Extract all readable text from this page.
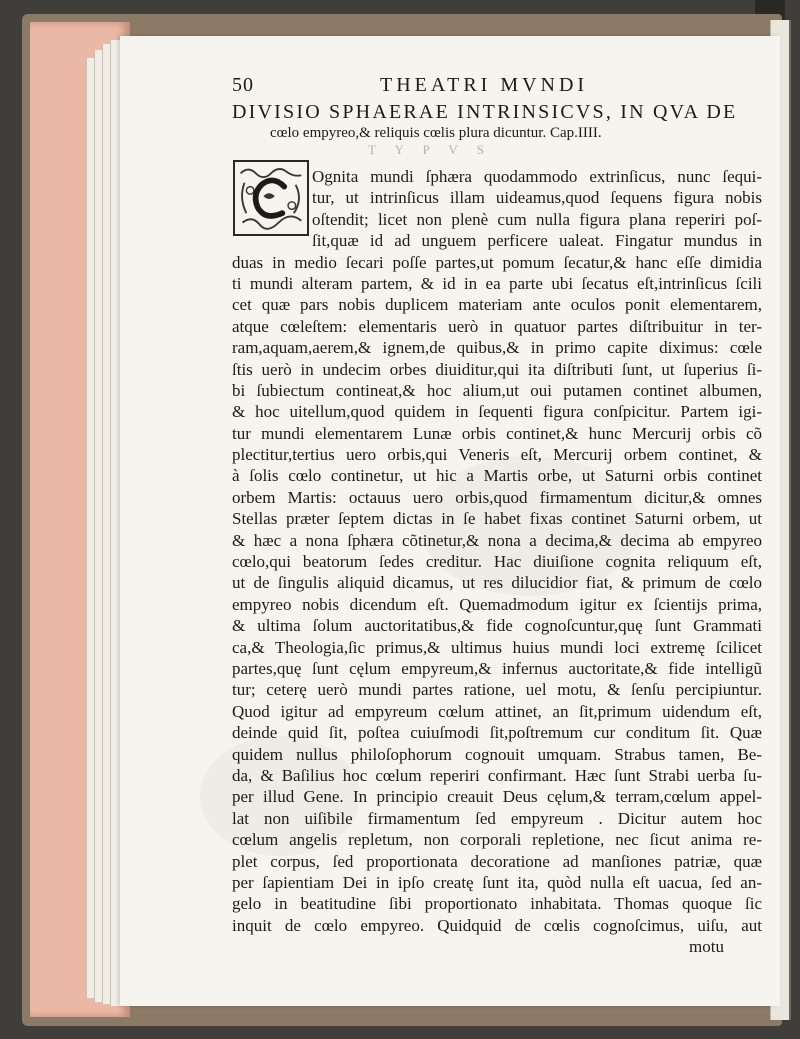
50	THEATRI MVNDI
DIVISIO SPHAERAE INTRINSICVS, IN QVA DE
cœlo empyreo,& reliquis cœlis plura dicuntur. Cap.IIII.
T Y P V S
Ognita mundi ſphæra quodammodo extrinſicus, nunc ſequi-
tur, ut intrinſicus illam uideamus,quod ſequens figura nobis
oſtendit; licet non plenè cum nulla figura plana reperiri poſ-
ſit,quæ id ad unguem perficere ualeat. Fingatur mundus in
duas in medio ſecari poſſe partes,ut pomum ſecatur,& hanc eſſe dimidia
ti mundi alteram partem, & id in ea parte ubi ſecatus eſt,intrinſicus ſcili
cet quæ pars nobis duplicem materiam ante oculos ponit elementarem,
atque cœleſtem: elementaris uerò in quatuor partes diſtribuitur in ter-
ram,aquam,aerem,& ignem,de quibus,& in primo capite diximus: cœle
ſtis uerò in undecim orbes diuiditur,qui ita diſtributi ſunt, ut ſuperius ſi-
bi ſubiectum contineat,& hoc alium,ut oui putamen continet albumen,
& hoc uitellum,quod quidem in ſequenti figura conſpicitur. Partem igi-
tur mundi elementarem Lunæ orbis continet,& hunc Mercurij orbis cõ
plectitur,tertius uero orbis,qui Veneris eſt, Mercurij orbem continet, &
à ſolis cœlo continetur, ut hic a Martis orbe, ut Saturni orbis continet
orbem Martis: octauus uero orbis,quod firmamentum dicitur,& omnes
Stellas præter ſeptem dictas in ſe habet fixas continet Saturni orbem, ut
& hæc a nona ſphæra cõtinetur,& nona a decima,& decima ab empyreo
cœlo,qui beatorum ſedes creditur. Hac diuiſione cognita reliquum eſt,
ut de ſingulis aliquid dicamus, ut res dilucidior fiat, & primum de cœlo
empyreo nobis dicendum eſt. Quemadmodum igitur ex ſcientijs prima,
& ultima ſolum auctoritatibus,& fide cognoſcuntur,quę ſunt Grammati
ca,& Theologia,ſic primus,& ultimus huius mundi loci extremę ſcilicet
partes,quę ſunt cęlum empyreum,& infernus auctoritate,& fide intelligũ
tur; ceterę uerò mundi partes ratione, uel motu, & ſenſu percipiuntur.
Quod igitur ad empyreum cœlum attinet, an ſit,primum uidendum eſt,
deinde quid ſit, poſtea cuiuſmodi ſit,poſtremum cur conditum ſit. Quæ
quidem nullus philoſophorum cognouit umquam. Strabus tamen, Be-
da, & Baſilius hoc cœlum reperiri confirmant. Hæc ſunt Strabi uerba ſu-
per illud Gene. In principio creauit Deus cęlum,& terram,cœlum appel-
lat non uiſibile firmamentum ſed empyreum . Dicitur autem hoc
cœlum angelis repletum, non corporali repletione, nec ſicut anima re-
plet corpus, ſed proportionata decoratione ad manſiones patriæ, quæ
per ſapientiam Dei in ipſo creatę ſunt ita, quòd nulla eſt uacua, ſed an-
gelo in beatitudine ſibi proportionato inhabitata. Thomas quoque ſic
inquit de cœlo empyreo. Quidquid de cœlis cognoſcimus, uiſu, aut
motu
